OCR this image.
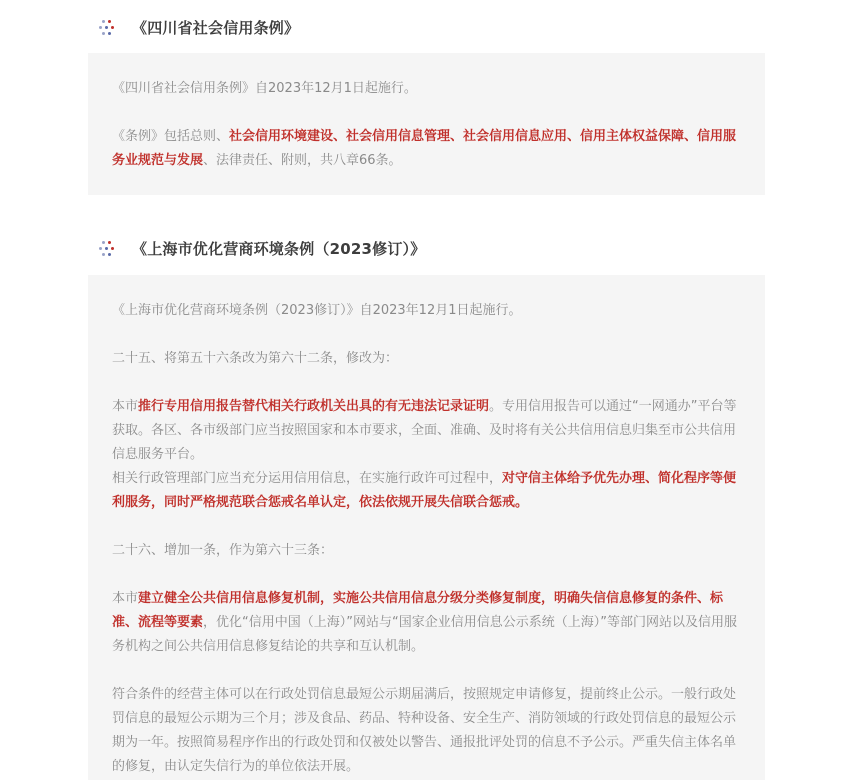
《四川省社会信用条例》

《四川省社会信用条例》自2023年12月1日起施行。

《条例》包括总则、社会信用环境建设、社会信用信息管理、社会信用信息应用、信用主体权益保障、信用服务业规范与发展、法律责任、附则，共八章66条。

《上海市优化营商环境条例（2023修订）》

《上海市优化营商环境条例（2023修订）》自2023年12月1日起施行。

二十五、将第五十六条改为第六十二条，修改为：

本市推行专用信用报告替代相关行政机关出具的有无违法记录证明。专用信用报告可以通过“一网通办”平台等获取。各区、各市级部门应当按照国家和本市要求，全面、准确、及时将有关公共信用信息归集至市公共信用信息服务平台。

相关行政管理部门应当充分运用信用信息，在实施行政许可过程中，对守信主体给予优先办理、简化程序等便利服务，同时严格规范联合惩戒名单认定，依法依规开展失信联合惩戒。

二十六、增加一条，作为第六十三条：

本市建立健全公共信用信息修复机制，实施公共信用信息分级分类修复制度，明确失信信息修复的条件、标准、流程等要素，优化“信用中国（上海）”网站与“国家企业信用信息公示系统（上海）”等部门网站以及信用服务机构之间公共信用信息修复结论的共享和互认机制。

符合条件的经营主体可以在行政处罚信息最短公示期届满后，按照规定申请修复，提前终止公示。一般行政处罚信息的最短公示期为三个月；涉及食品、药品、特种设备、安全生产、消防领域的行政处罚信息的最短公示期为一年。按照简易程序作出的行政处罚和仅被处以警告、通报批评处罚的信息不予公示。严重失信主体名单的修复，由认定失信行为的单位依法开展。
